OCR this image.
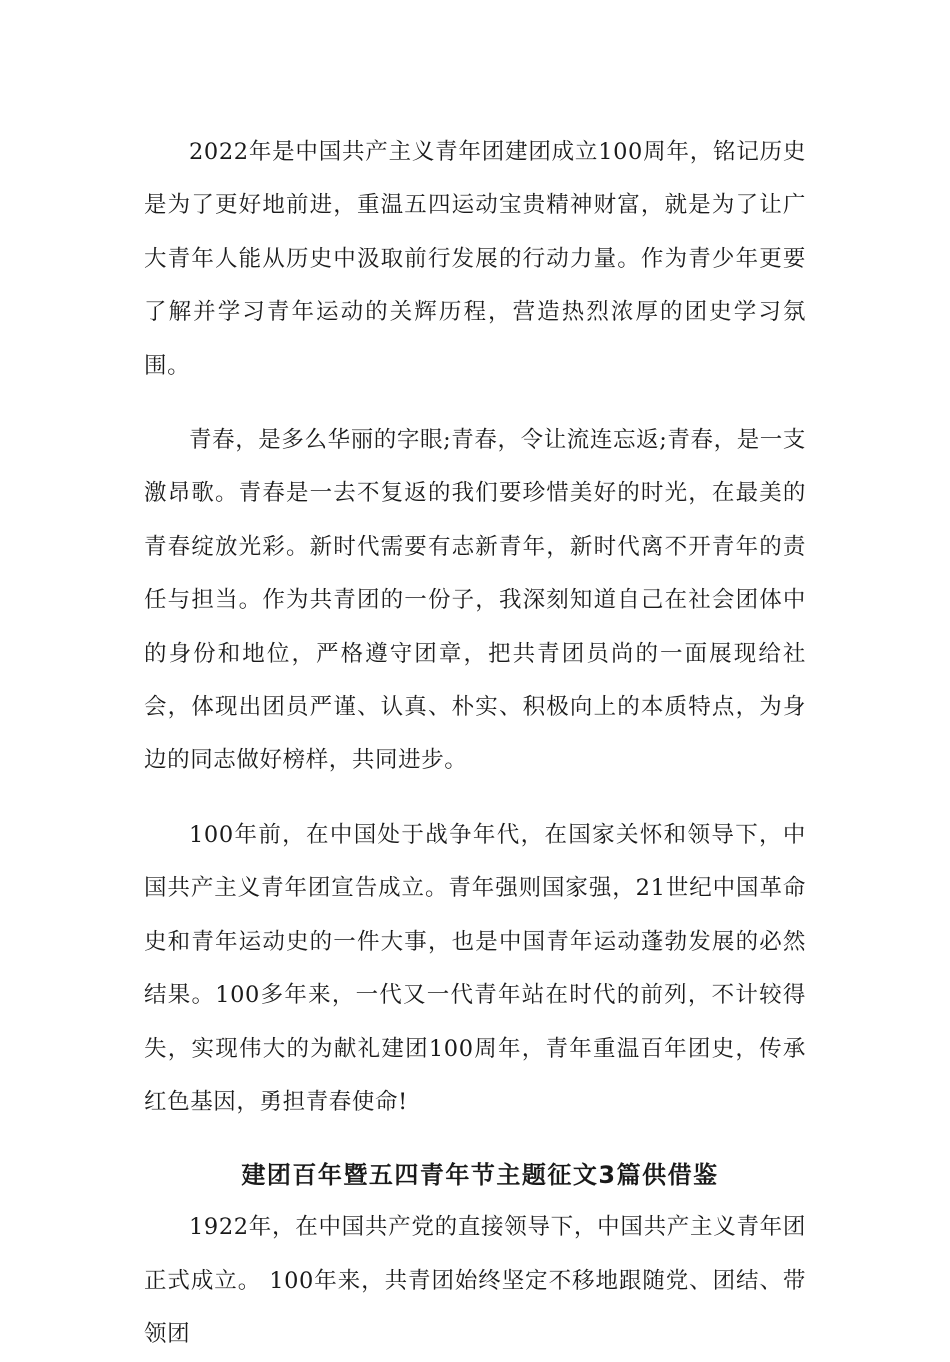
2022年是中国共产主义青年团建团成立100周年，铭记历史是为了更好地前进，重温五四运动宝贵精神财富，就是为了让广大青年人能从历史中汲取前行发展的行动力量。作为青少年更要了解并学习青年运动的关辉历程，营造热烈浓厚的团史学习氛围。

青春，是多么华丽的字眼;青春，令让流连忘返;青春，是一支激昂歌。青春是一去不复返的我们要珍惜美好的时光，在最美的青春绽放光彩。新时代需要有志新青年，新时代离不开青年的责任与担当。作为共青团的一份子，我深刻知道自己在社会团体中的身份和地位，严格遵守团章，把共青团员尚的一面展现给社会，体现出团员严谨、认真、朴实、积极向上的本质特点，为身边的同志做好榜样，共同进步。

100年前，在中国处于战争年代，在国家关怀和领导下，中国共产主义青年团宣告成立。青年强则国家强，21世纪中国革命史和青年运动史的一件大事，也是中国青年运动蓬勃发展的必然结果。100多年来，一代又一代青年站在时代的前列，不计较得失，实现伟大的为献礼建团100周年，青年重温百年团史，传承红色基因，勇担青春使命!

建团百年暨五四青年节主题征文3篇供借鉴

1922年，在中国共产党的直接领导下，中国共产主义青年团正式成立。 100年来，共青团始终坚定不移地跟随党、团结、带领团
